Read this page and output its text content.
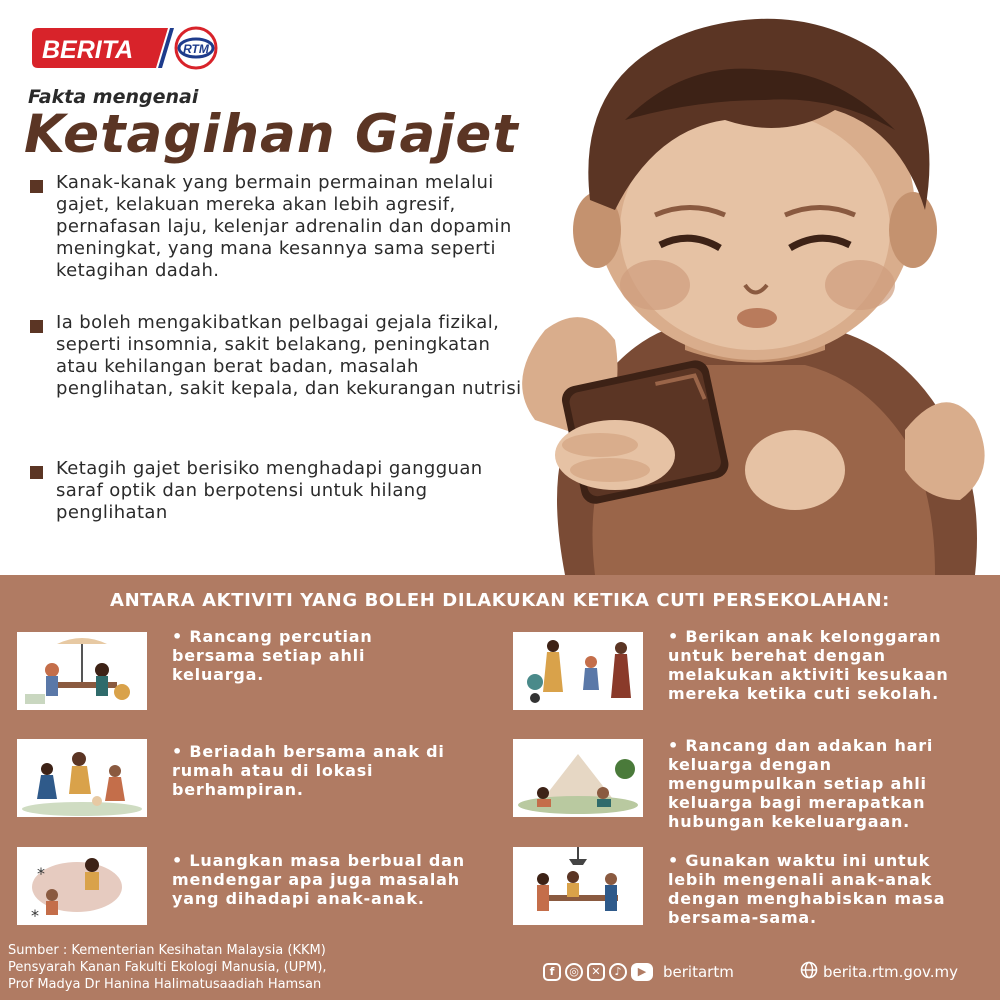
BERITA	RTM
Fakta mengenai
Ketagihan Gajet
Kanak-kanak yang bermain permainan melalui gajet, kelakuan mereka akan lebih agresif, pernafasan laju, kelenjar adrenalin dan dopamin meningkat, yang mana kesannya sama seperti ketagihan dadah.
Ia boleh mengakibatkan pelbagai gejala fizikal, seperti insomnia, sakit belakang, peningkatan atau kehilangan berat badan, masalah penglihatan, sakit kepala, dan kekurangan nutrisi
Ketagih gajet berisiko menghadapi gangguan saraf optik dan berpotensi untuk hilang penglihatan
ANTARA AKTIVITI YANG BOLEH DILAKUKAN KETIKA CUTI PERSEKOLAHAN:
*
*
• Rancang percutian bersama setiap ahli keluarga.
• Beriadah bersama anak di rumah atau di lokasi berhampiran.
• Luangkan masa berbual dan mendengar apa juga masalah yang dihadapi anak-anak.
• Berikan anak kelonggaran untuk berehat dengan melakukan aktiviti kesukaan mereka ketika cuti sekolah.
• Rancang dan adakan hari keluarga dengan mengumpulkan setiap ahli keluarga bagi merapatkan hubungan kekeluargaan.
• Gunakan waktu ini untuk lebih mengenali anak-anak dengan menghabiskan masa bersama-sama.
Sumber : Kementerian Kesihatan Malaysia (KKM)
Pensyarah Kanan Fakulti Ekologi Manusia, (UPM),
Prof Madya Dr Hanina Halimatusaadiah Hamsan
f	◎	✕	♪	▶	beritartm	berita.rtm.gov.my
